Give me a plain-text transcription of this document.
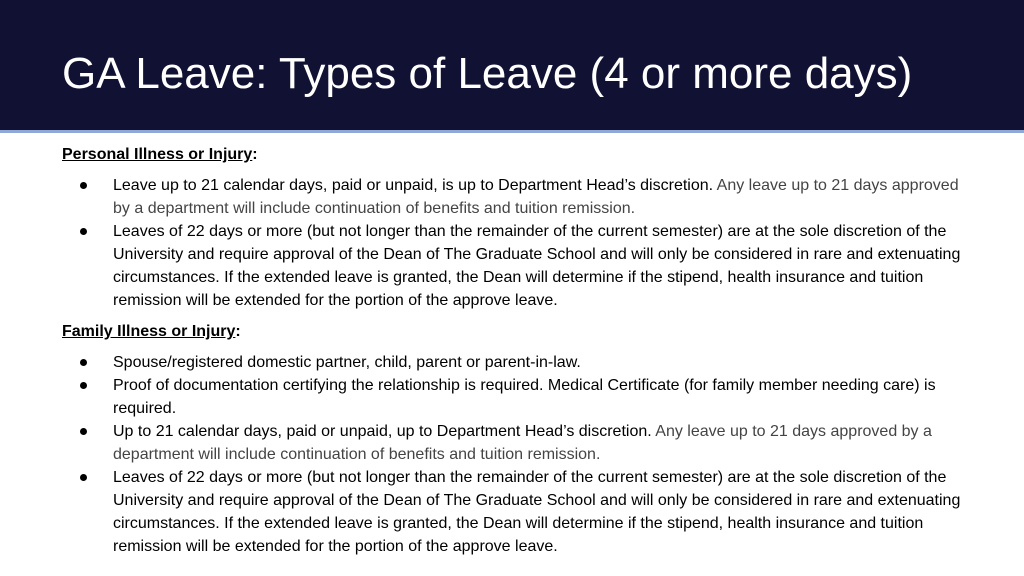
GA Leave: Types of Leave (4 or more days)

Personal Illness or Injury:

Leave up to 21 calendar days, paid or unpaid, is up to Department Head’s discretion. Any leave up to 21 days approved by a department will include continuation of benefits and tuition remission.
Leaves of 22 days or more (but not longer than the remainder of the current semester) are at the sole discretion of the University and require approval of the Dean of The Graduate School and will only be considered in rare and extenuating circumstances. If the extended leave is granted, the Dean will determine if the stipend, health insurance and tuition remission will be extended for the portion of the approve leave.

Family Illness or Injury:

Spouse/registered domestic partner, child, parent or parent-in-law.
Proof of documentation certifying the relationship is required. Medical Certificate (for family member needing care) is required.
Up to 21 calendar days, paid or unpaid, up to Department Head’s discretion. Any leave up to 21 days approved by a department will include continuation of benefits and tuition remission.
Leaves of 22 days or more (but not longer than the remainder of the current semester) are at the sole discretion of the University and require approval of the Dean of The Graduate School and will only be considered in rare and extenuating circumstances. If the extended leave is granted, the Dean will determine if the stipend, health insurance and tuition remission will be extended for the portion of the approve leave.
